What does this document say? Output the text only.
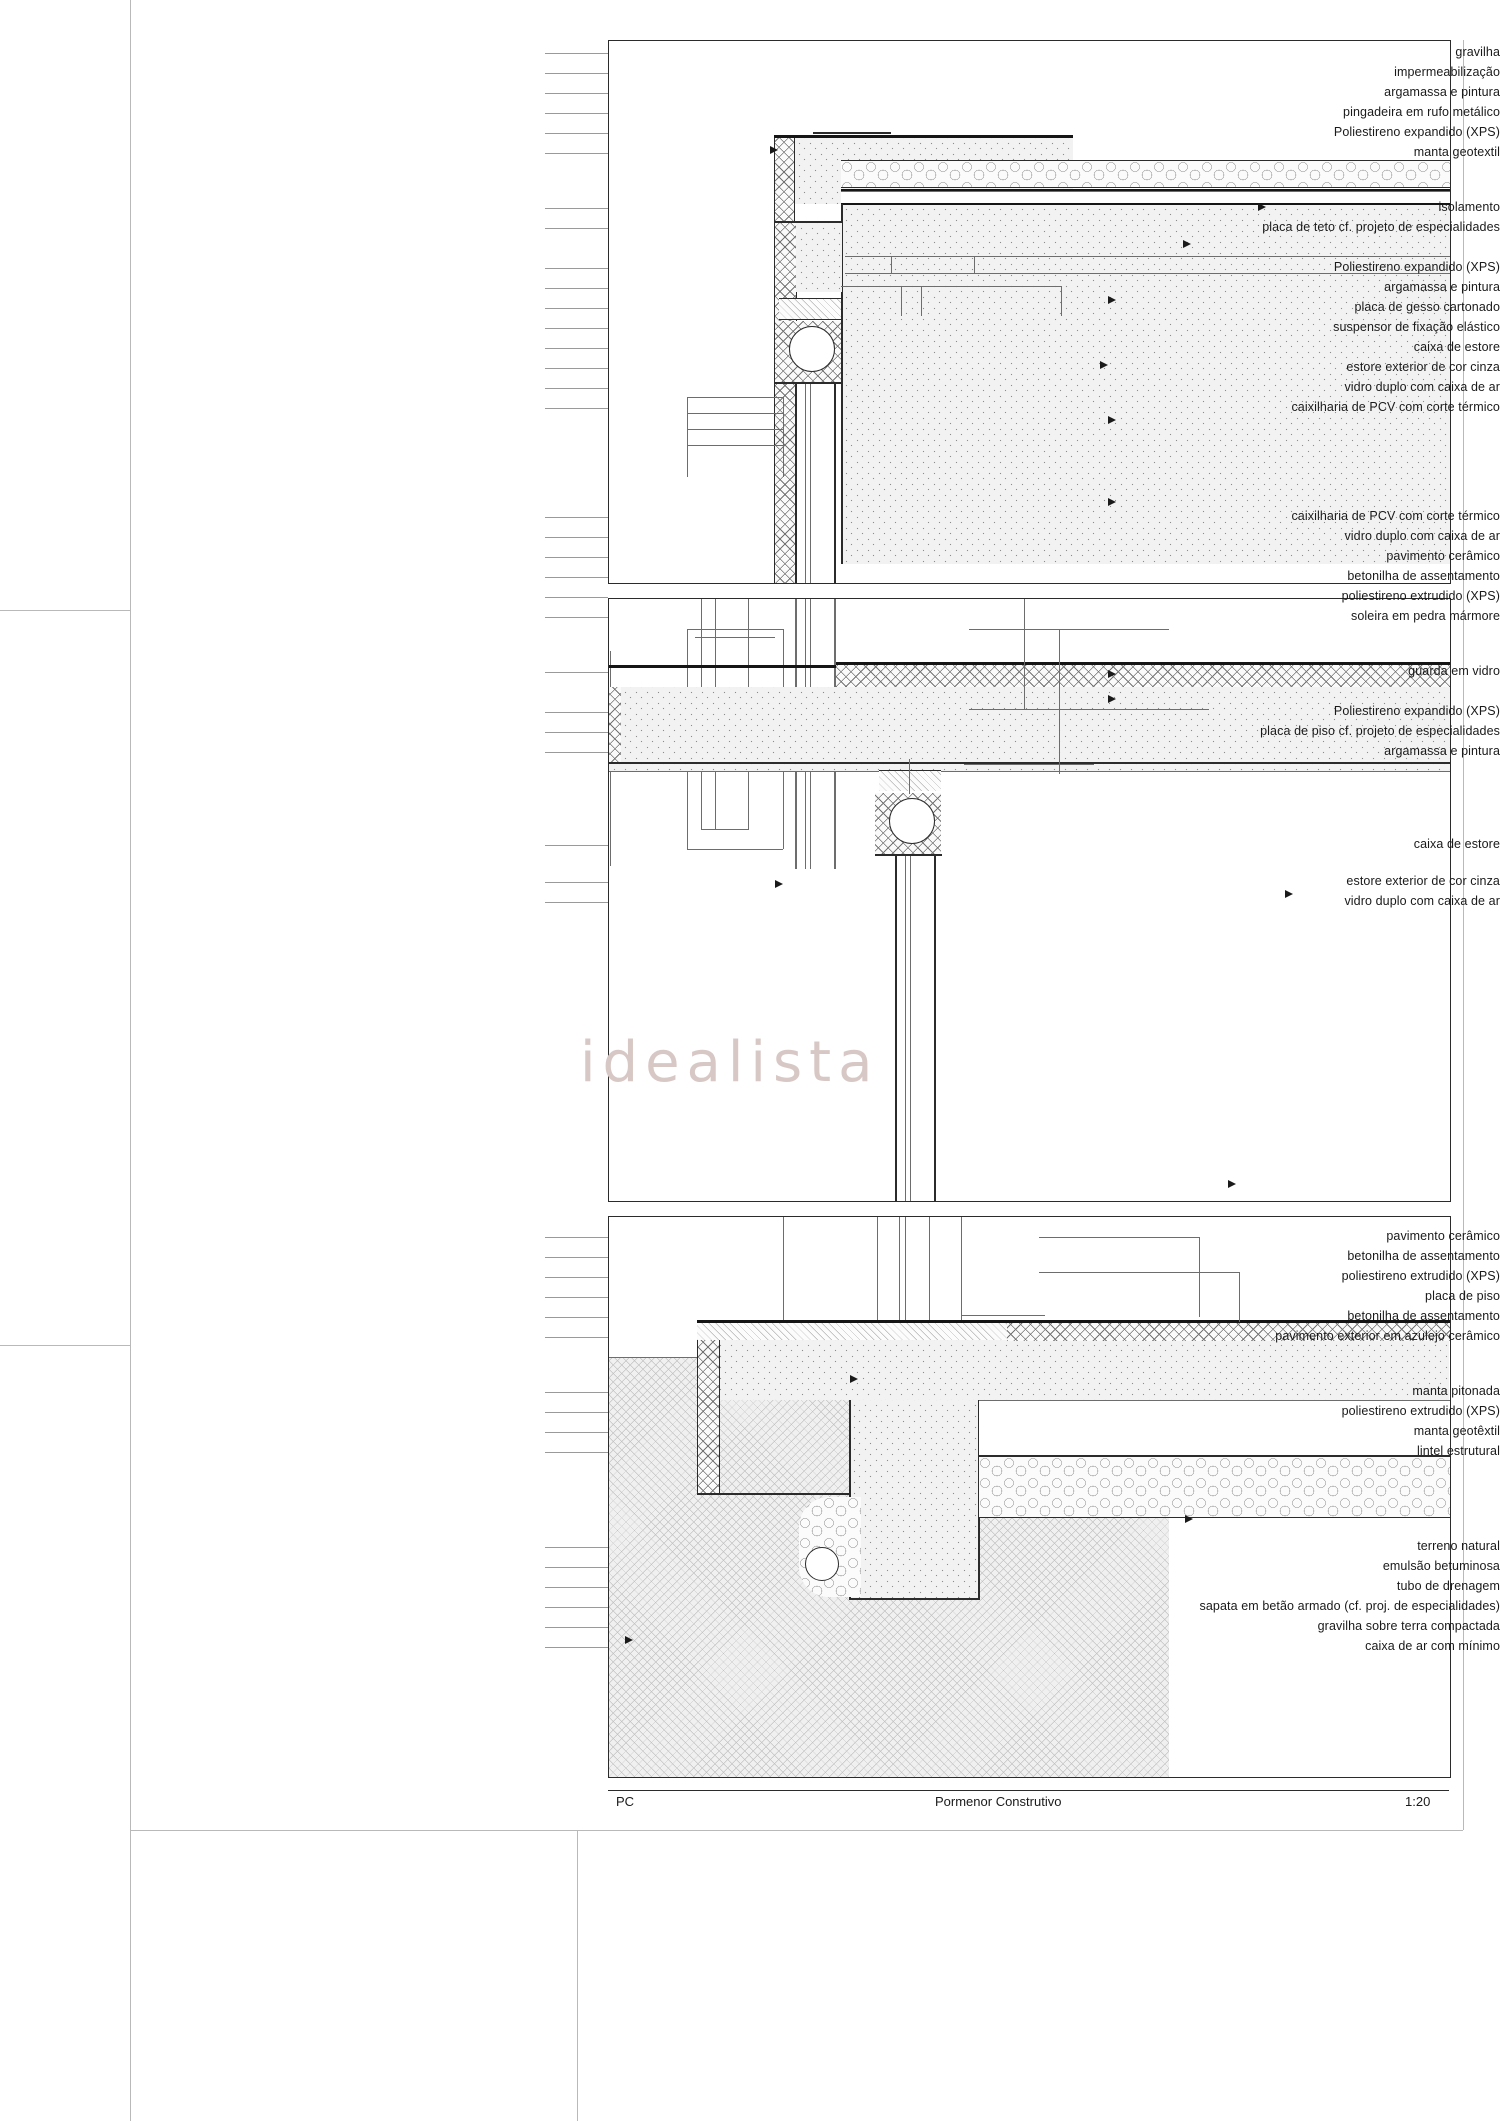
gravilha
impermeabilização
argamassa e pintura
pingadeira em rufo metálico
Poliestireno expandido (XPS)
manta geotextil
isolamento
placa de teto cf. projeto de especialidades
Poliestireno expandido (XPS)
argamassa e pintura
placa de gesso cartonado
suspensor de fixação elástico
caixa de estore
estore exterior de cor cinza
vidro duplo com caixa de ar
caixilharia de PCV com corte térmico
caixilharia de PCV com corte térmico
vidro duplo com caixa de ar
pavimento cerâmico
betonilha de assentamento
poliestireno extrudido (XPS)
soleira em pedra mármore
guarda em vidro
Poliestireno expandido (XPS)
placa de piso cf. projeto de especialidades
argamassa e pintura
caixa de estore
estore exterior de cor cinza
vidro duplo com caixa de ar
pavimento cerâmico
betonilha de assentamento
poliestireno extrudido (XPS)
placa de piso
betonilha de assentamento
pavimento exterior em azulejo cerâmico
manta pitonada
poliestireno extrudido (XPS)
manta geotêxtil
lintel estrutural
terreno natural
emulsão betuminosa
tubo de drenagem
sapata em betão armado (cf. proj. de especialidades)
gravilha sobre terra compactada
caixa de ar com mínimo
idealista
PC	Pormenor Construtivo	1:20
